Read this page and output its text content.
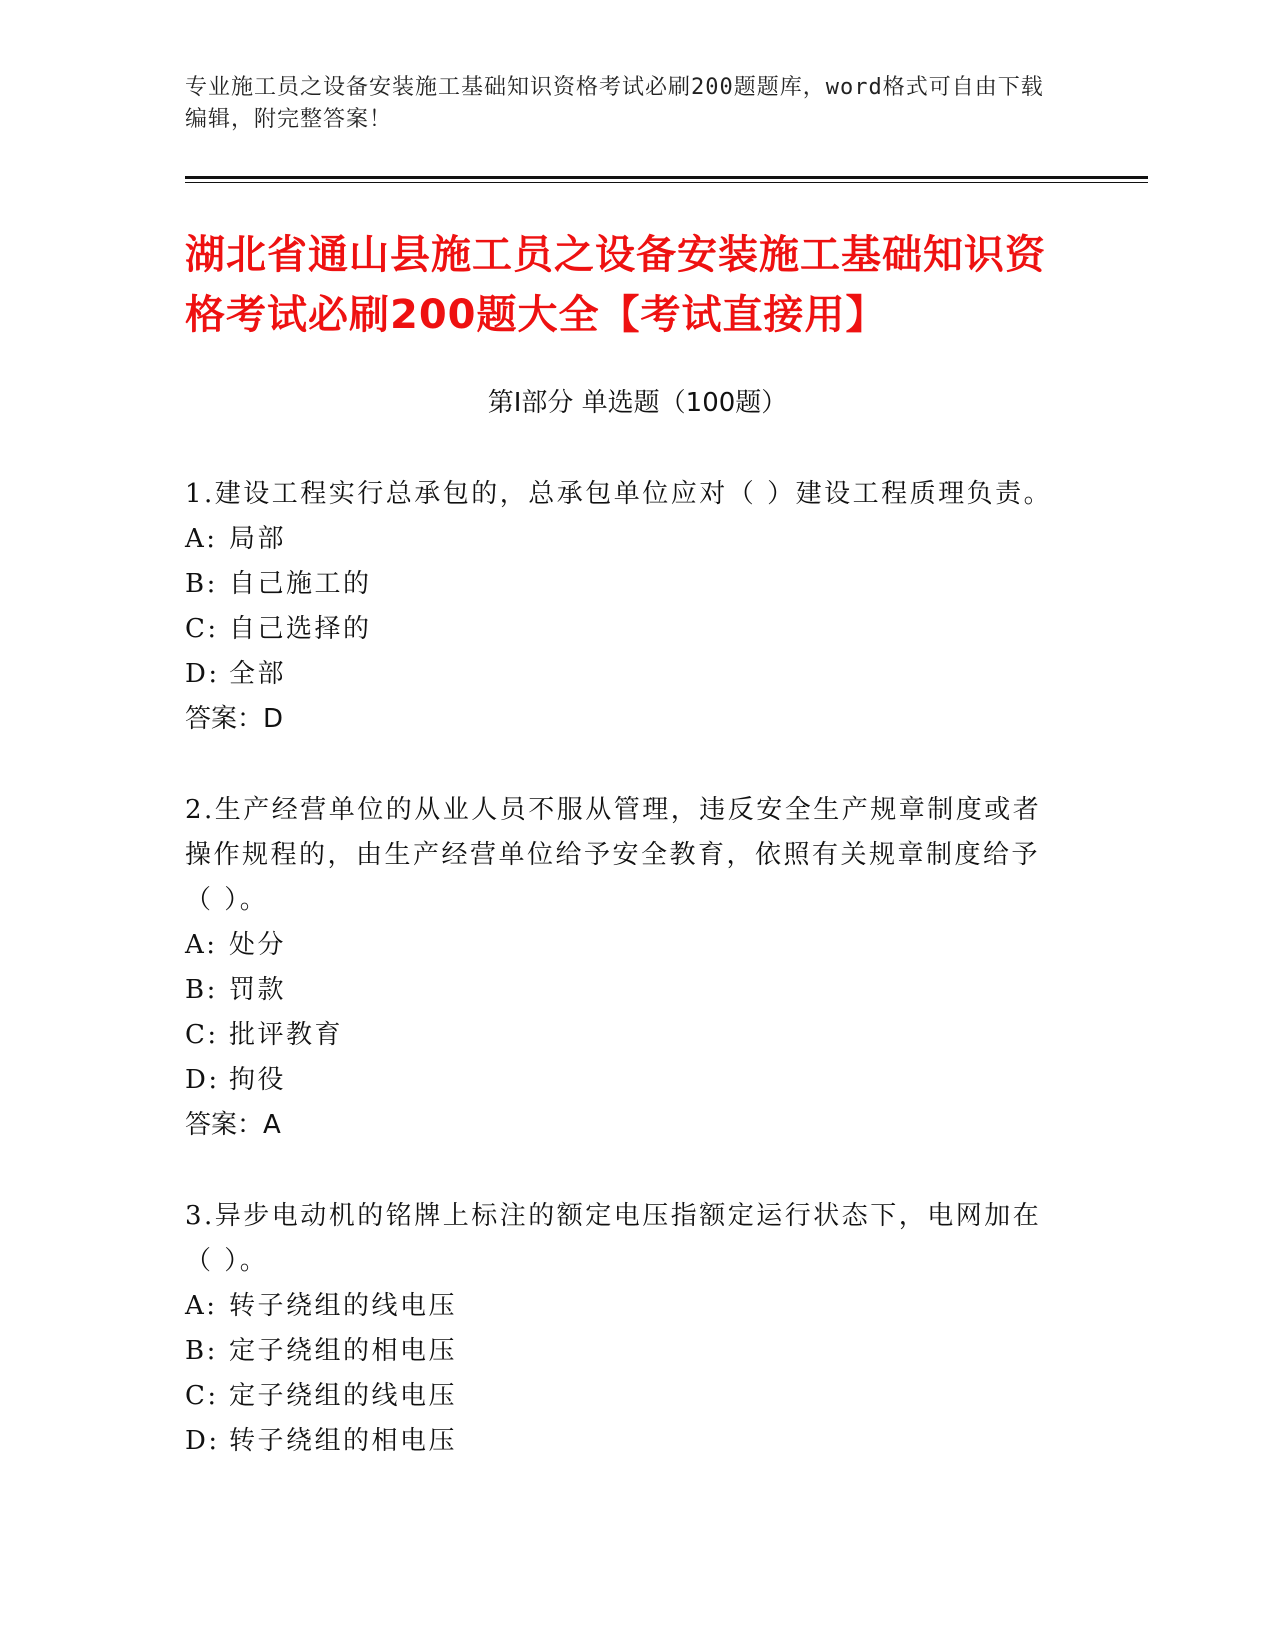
专业施工员之设备安装施工基础知识资格考试必刷200题题库，word格式可自由下载编辑，附完整答案！
湖北省通山县施工员之设备安装施工基础知识资格考试必刷200题大全【考试直接用】
第I部分 单选题（100题）
1.建设工程实行总承包的，总承包单位应对（ ）建设工程质理负责。
A: 局部
B: 自己施工的
C: 自己选择的
D: 全部
答案：D
2.生产经营单位的从业人员不服从管理，违反安全生产规章制度或者操作规程的，由生产经营单位给予安全教育，依照有关规章制度给予（ ）。
A: 处分
B: 罚款
C: 批评教育
D: 拘役
答案：A
3.异步电动机的铭牌上标注的额定电压指额定运行状态下，电网加在（ ）。
A: 转子绕组的线电压
B: 定子绕组的相电压
C: 定子绕组的线电压
D: 转子绕组的相电压
